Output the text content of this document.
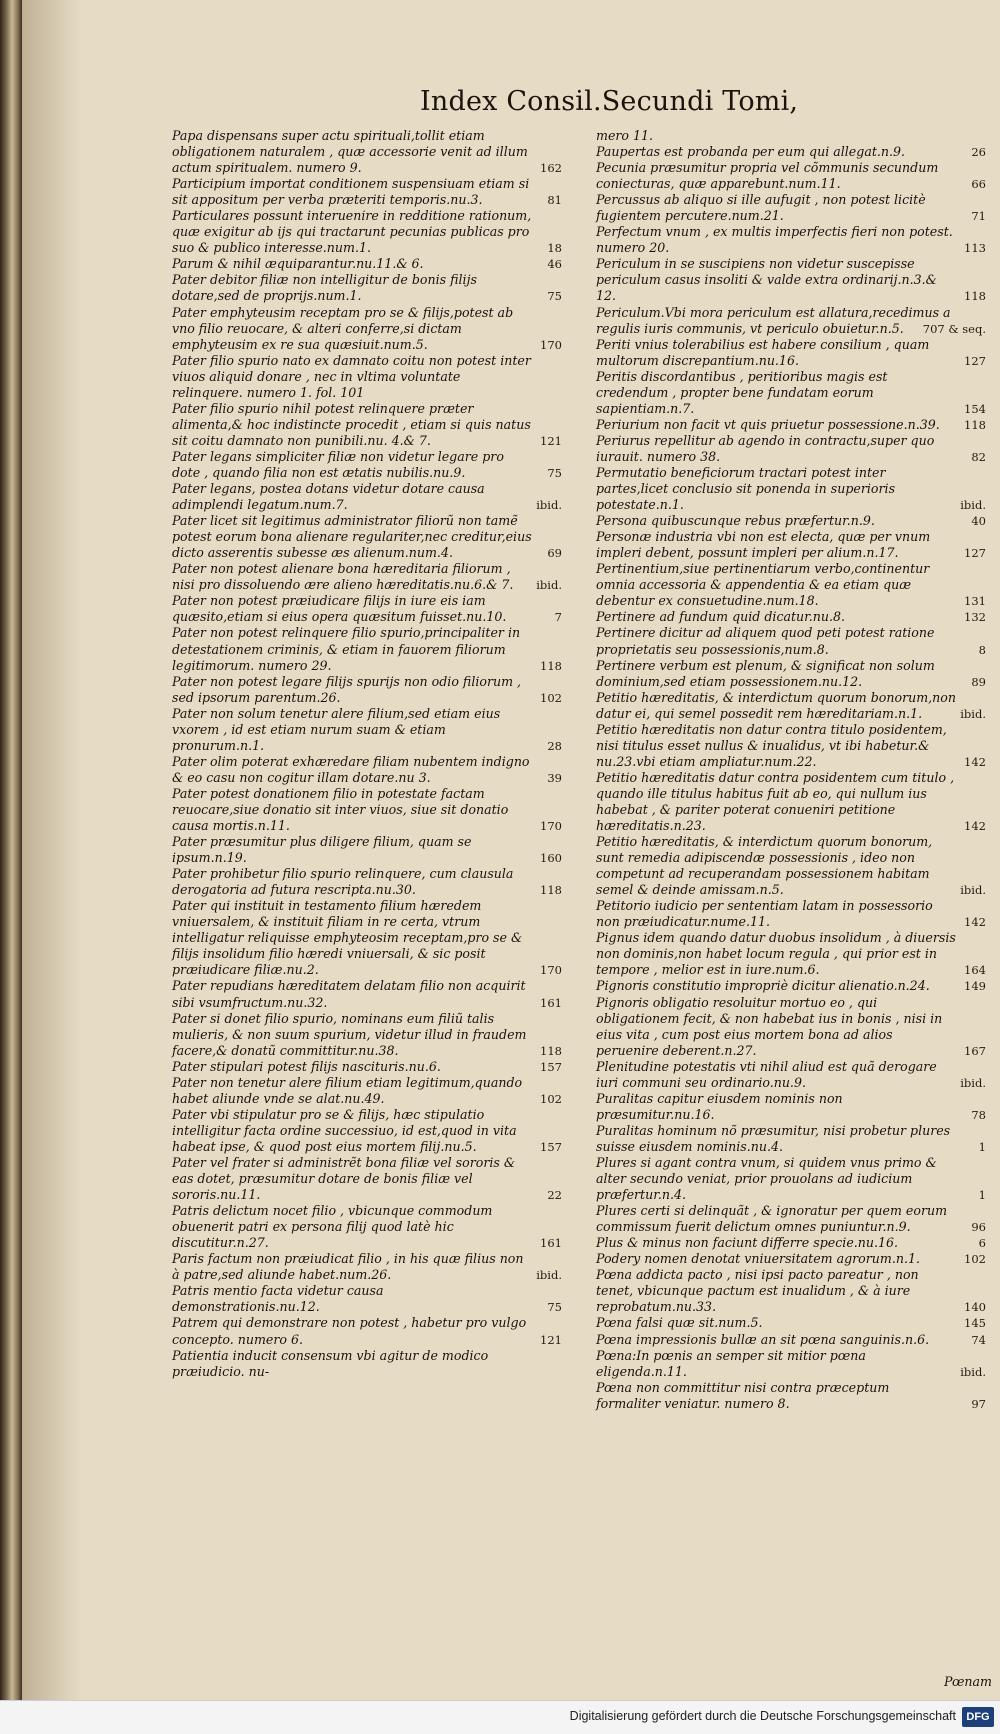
Index Consil.Secundi Tomi,
Papa dispensans super actu spirituali,tollit etiam obligationem naturalem , quæ accessorie venit ad illum actum spiritualem. numero 9.	162
Participium importat conditionem suspensiuam etiam si sit appositum per verba præteriti temporis.nu.3.	81
Particulares possunt interuenire in redditione rationum, quæ exigitur ab ijs qui tractarunt pecunias publicas pro suo & publico interesse.num.1.	18
Parum & nihil æquiparantur.nu.11.& 6.	46
Pater debitor filiæ non intelligitur de bonis filijs dotare,sed de proprijs.num.1.	75
Pater emphyteusim receptam pro se & filijs,potest ab vno filio reuocare, & alteri conferre,si dictam emphyteusim ex re sua quæsiuit.num.5.	170
Pater filio spurio nato ex damnato coitu non potest inter viuos aliquid donare , nec in vltima voluntate relinquere. numero 1. fol. 101
Pater filio spurio nihil potest relinquere præter alimenta,& hoc indistincte procedit , etiam si quis natus sit coitu damnato non punibili.nu. 4.& 7.	121
Pater legans simpliciter filiæ non videtur legare pro dote , quando filia non est ætatis nubilis.nu.9.	75
Pater legans, postea dotans videtur dotare causa adimplendi legatum.num.7.	ibid.
Pater licet sit legitimus administrator filiorũ non tamẽ potest eorum bona alienare regulariter,nec creditur,eius dicto asserentis subesse æs alienum.num.4.	69
Pater non potest alienare bona hæreditaria filiorum , nisi pro dissoluendo ære alieno hæreditatis.nu.6.& 7.	ibid.
Pater non potest præiudicare filijs in iure eis iam quæsito,etiam si eius opera quæsitum fuisset.nu.10.	7
Pater non potest relinquere filio spurio,principaliter in detestationem criminis, & etiam in fauorem filiorum legitimorum. numero 29.	118
Pater non potest legare filijs spurijs non odio filiorum , sed ipsorum parentum.26.	102
Pater non solum tenetur alere filium,sed etiam eius vxorem , id est etiam nurum suam & etiam pronurum.n.1.	28
Pater olim poterat exhæredare filiam nubentem indigno & eo casu non cogitur illam dotare.nu 3.	39
Pater potest donationem filio in potestate factam reuocare,siue donatio sit inter viuos, siue sit donatio causa mortis.n.11.	170
Pater præsumitur plus diligere filium, quam se ipsum.n.19.	160
Pater prohibetur filio spurio relinquere, cum clausula derogatoria ad futura rescripta.nu.30.	118
Pater qui instituit in testamento filium hæredem vniuersalem, & instituit filiam in re certa, vtrum intelligatur reliquisse emphyteosim receptam,pro se & filijs insolidum filio hæredi vniuersali, & sic posit præiudicare filiæ.nu.2.	170
Pater repudians hæreditatem delatam filio non acquirit sibi vsumfructum.nu.32.	161
Pater si donet filio spurio, nominans eum filiũ talis mulieris, & non suum spurium, videtur illud in fraudem facere,& donatũ committitur.nu.38.	118
Pater stipulari potest filijs nasciturіs.nu.6.	157
Pater non tenetur alere filium etiam legitimum,quando habet aliunde vnde se alat.nu.49.	102
Pater vbi stipulatur pro se & filijs, hæc stipulatio intelligitur facta ordine successiuo, id est,quod in vita habeat ipse, & quod post eius mortem filij.nu.5.	157
Pater vel frater si administrẽt bona filiæ vel sororis & eas dotet, præsumitur dotare de bonis filiæ vel sororis.nu.11.	22
Patris delictum nocet filio , vbicunque commodum obuenerit patri ex persona filij quod latè hic discutitur.n.27.	161
Paris factum non præiudicat filio , in his quæ filius non à patre,sed aliunde habet.num.26.	ibid.
Patris mentio facta videtur causa demonstrationis.nu.12.	75
Patrem qui demonstrare non potest , habetur pro vulgo concepto. numero 6.	121
Patientia inducit consensum vbi agitur de modico præiudicio. nu-
mero 11.
Paupertas est probanda per eum qui allegat.n.9.	26
Pecunia præsumitur propria vel cõmmunis secundum coniecturas, quæ apparebunt.num.11.	66
Percussus ab aliquo si ille aufugit , non potest licitè fugientem percutere.num.21.	71
Perfectum vnum , ex multis imperfectis fieri non potest. numero 20.	113
Periculum in se suscipiens non videtur suscepisse periculum casus insoliti & valde extra ordinarij.n.3.& 12.	118
Periculum.Vbi mora periculum est allatura,recedimus a regulis iuris communis, vt periculo obuietur.n.5.	707 & seq.
Periti vnius tolerabilius est habere consilium , quam multorum discrepantium.nu.16.	127
Peritis discordantibus , peritioribus magis est credendum , propter bene fundatam eorum sapientiam.n.7.	154
Periurium non facit vt quis priuetur possessione.n.39.	118
Periurus repellitur ab agendo in contractu,super quo iurauit. numero 38.	82
Permutatio beneficiorum tractari potest inter partes,licet conclusio sit ponenda in superioris potestate.n.1.	ibid.
Persona quibuscunque rebus præfertur.n.9.	40
Personæ industria vbi non est electa, quæ per vnum impleri debent, possunt impleri per alium.n.17.	127
Pertinentium,siue pertinentiarum verbo,continentur omnia accessoria & appendentia & ea etiam quæ debentur ex consuetudine.num.18.	131
Pertinere ad fundum quid dicatur.nu.8.	132
Pertinere dicitur ad aliquem quod peti potest ratione proprietatis seu possessionis,num.8.	8
Pertinere verbum est plenum, & significat non solum dominium,sed etiam possessionem.nu.12.	89
Petitio hæreditatis, & interdictum quorum bonorum,non datur ei, qui semel possedit rem hæreditariam.n.1.	ibid.
Petitio hæreditatis non datur contra titulo posidentem, nisi titulus esset nullus & inualidus, vt ibi habetur.& nu.23.vbi etiam ampliatur.num.22.	142
Petitio hæreditatis datur contra posidentem cum titulo , quando ille titulus habitus fuit ab eo, qui nullum ius habebat , & pariter poterat conueniri petitione hæreditatis.n.23.	142
Petitio hæreditatis, & interdictum quorum bonorum, sunt remedia adipiscendæ possessionis , ideo non competunt ad recuperandam possessionem habitam semel & deinde amissam.n.5.	ibid.
Petitorio iudicio per sententiam latam in possessorio non præiudicatur.nume.11.	142
Pignus idem quando datur duobus insolidum , à diuersis non dominis,non habet locum regula , qui prior est in tempore , melior est in iure.num.6.	164
Pignoris constitutio impropriè dicitur alienatio.n.24.	149
Pignoris obligatio resoluitur mortuo eo , qui obligationem fecit, & non habebat ius in bonis , nisi in eius vita , cum post eius mortem bona ad alios peruenire deberent.n.27.	167
Plenitudine potestatis vti nihil aliud est quã derogare iuri communi seu ordinario.nu.9.	ibid.
Puralitas capitur eiusdem nominis non præsumitur.nu.16.	78
Puralitas hominum nõ præsumitur, nisi probetur plures suisse eiusdem nominis.nu.4.	1
Plures si agant contra vnum, si quidem vnus primo & alter secundo veniat, prior prouolans ad iudicium præfertur.n.4.	1
Plures certi si delinquãt , & ignoratur per quem eorum commissum fuerit delictum omnes puniuntur.n.9.	96
Plus & minus non faciunt differre specie.nu.16.	6
Podery nomen denotat vniuersitatem agrorum.n.1.	102
Pœna addicta pacto , nisi ipsi pacto pareatur , non tenet, vbicunque pactum est inualidum , & à iure reprobatum.nu.33.	140
Pœna falsi quæ sit.num.5.	145
Pœna impressionis bullæ an sit pœna sanguinis.n.6.	74
Pœna:In pœnis an semper sit mitior pœna eligenda.n.11.	ibid.
Pœna non committitur nisi contra præceptum formaliter veniatur. numero 8.	97
Pœnam
Digitalisierung gefördert durch die Deutsche Forschungsgemeinschaft DFG
